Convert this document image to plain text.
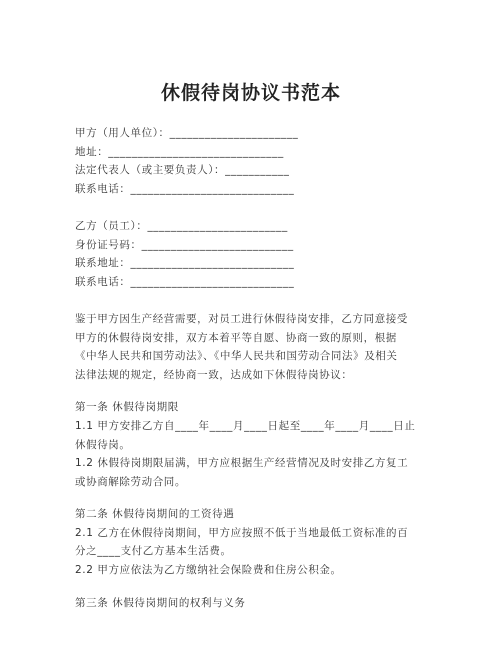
休假待岗协议书范本
甲方（用人单位）：______________________
地址：______________________________
法定代表人（或主要负责人）：___________
联系电话：____________________________
乙方（员工）：________________________
身份证号码：__________________________
联系地址：____________________________
联系电话：____________________________
鉴于甲方因生产经营需要，对员工进行休假待岗安排，乙方同意接受
甲方的休假待岗安排，双方本着平等自愿、协商一致的原则，根据
《中华人民共和国劳动法》、《中华人民共和国劳动合同法》及相关
法律法规的规定，经协商一致，达成如下休假待岗协议：
第一条 休假待岗期限
1.1 甲方安排乙方自____年____月____日起至____年____月____日止
休假待岗。
1.2 休假待岗期限届满，甲方应根据生产经营情况及时安排乙方复工
或协商解除劳动合同。
第二条 休假待岗期间的工资待遇
2.1 乙方在休假待岗期间，甲方应按照不低于当地最低工资标准的百
分之____支付乙方基本生活费。
2.2 甲方应依法为乙方缴纳社会保险费和住房公积金。
第三条 休假待岗期间的权利与义务
